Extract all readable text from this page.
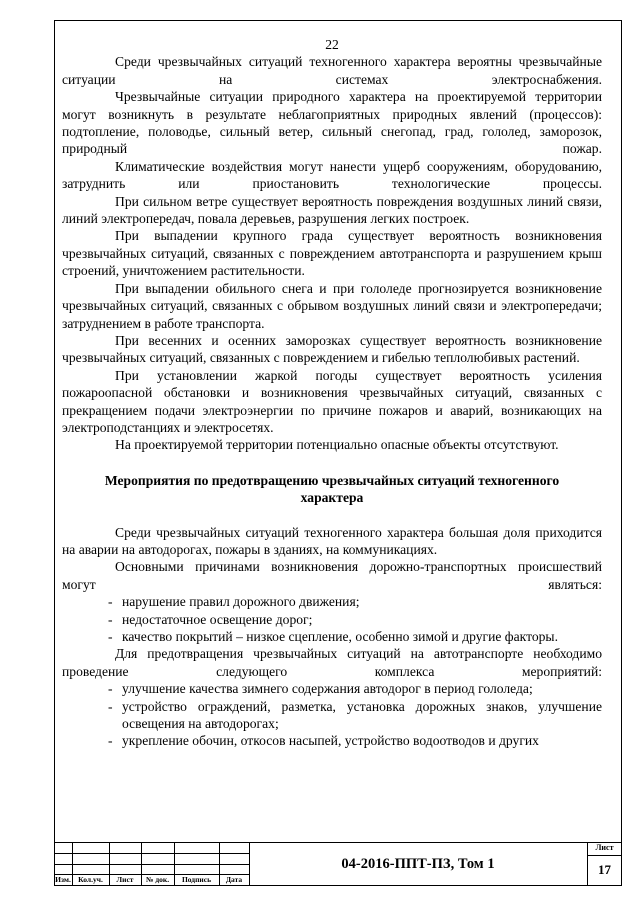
22

Среди чрезвычайных ситуаций техногенного характера вероятны чрезвычайные ситуации на системах электроснабжения.

Чрезвычайные ситуации природного характера на проектируемой территории могут возникнуть в результате неблагоприятных природных явлений (процессов): подтопление, половодье, сильный ветер, сильный снегопад, град, гололед, заморозок, природный пожар.

Климатические воздействия могут нанести ущерб сооружениям, оборудованию, затруднить или приостановить технологические процессы.

При сильном ветре существует вероятность повреждения воздушных линий связи, линий электропередач, повала деревьев, разрушения легких построек.

При выпадении крупного града существует вероятность возникновения чрезвычайных ситуаций, связанных с повреждением автотранспорта и разрушением крыш строений, уничтожением растительности.

При выпадении обильного снега и при гололеде прогнозируется возникновение чрезвычайных ситуаций, связанных с обрывом воздушных линий связи и электропередачи; затруднением в работе транспорта.

При весенних и осенних заморозках существует вероятность возникновение чрезвычайных ситуаций, связанных с повреждением и гибелью теплолюбивых растений.

При установлении жаркой погоды существует вероятность усиления пожароопасной обстановки и возникновения чрезвычайных ситуаций, связанных с прекращением подачи электроэнергии по причине пожаров и аварий, возникающих на электроподстанциях и электросетях.

На проектируемой территории потенциально опасные объекты отсутствуют.

Мероприятия по предотвращению чрезвычайных ситуаций техногенного
характера

Среди чрезвычайных ситуаций техногенного характера большая доля приходится на аварии на автодорогах, пожары в зданиях, на коммуникациях.

Основными причинами возникновения дорожно-транспортных происшествий могут являться:

- нарушение правил дорожного движения;
- недостаточное освещение дорог;
- качество покрытий – низкое сцепление, особенно зимой и другие факторы.

Для предотвращения чрезвычайных ситуаций на автотранспорте необходимо проведение следующего комплекса мероприятий:

- улучшение качества зимнего содержания автодорог в период гололеда;
- устройство ограждений, разметка, установка дорожных знаков, улучшение освещения на автодорогах;
- укрепление обочин, откосов насыпей, устройство водоотводов и других
Изм. Кол.уч.	Лист	№ док.	Подпись	Дата
04-2016-ППТ-ПЗ, Том 1
Лист
17
